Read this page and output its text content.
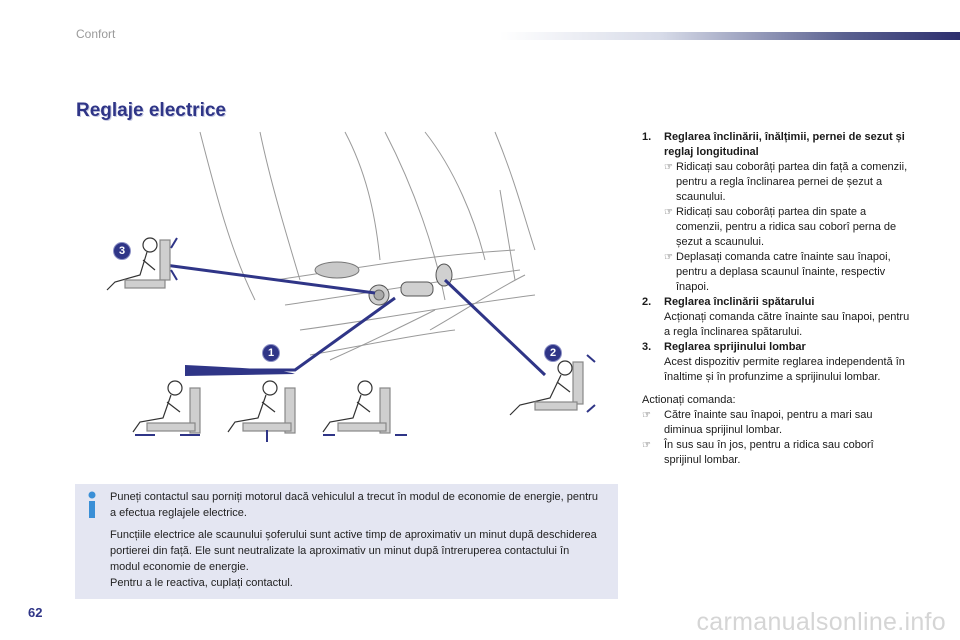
Confort
Reglaje electrice
3
1	2
1.	Reglarea înclinării, înălțimii, pernei de sezut și reglaj longitudinal
☞ Ridicați sau coborâți partea din față a comenzii, pentru a regla înclinarea pernei de șezut a scaunului.
☞ Ridicați sau coborâți partea din spate a comenzii, pentru a ridica sau coborî perna de șezut a scaunului.
☞ Deplasați comanda catre înainte sau înapoi, pentru a deplasa scaunul înainte, respectiv înapoi.
2.	Reglarea înclinării spătarului
Acționați comanda către înainte sau înapoi, pentru a regla înclinarea spătarului.
3.	Reglarea sprijinului lombar
Acest dispozitiv permite reglarea independentă în înaltime și în profunzime a sprijinului lombar.
Actionați comanda:
☞	Către înainte sau înapoi, pentru a mari sau diminua sprijinul lombar.
☞	În sus sau în jos, pentru a ridica sau coborî sprijinul lombar.

Puneți contactul sau porniți motorul dacă vehiculul a trecut în modul de economie de energie, pentru a efectua reglajele electrice.

Funcțiile electrice ale scaunului șoferului sunt active timp de aproximativ un minut după deschiderea portierei din față. Ele sunt neutralizate la aproximativ un minut după întreruperea contactului în modul economie de energie.

Pentru a le reactiva, cuplați contactul.

62	carmanualsonline.info
